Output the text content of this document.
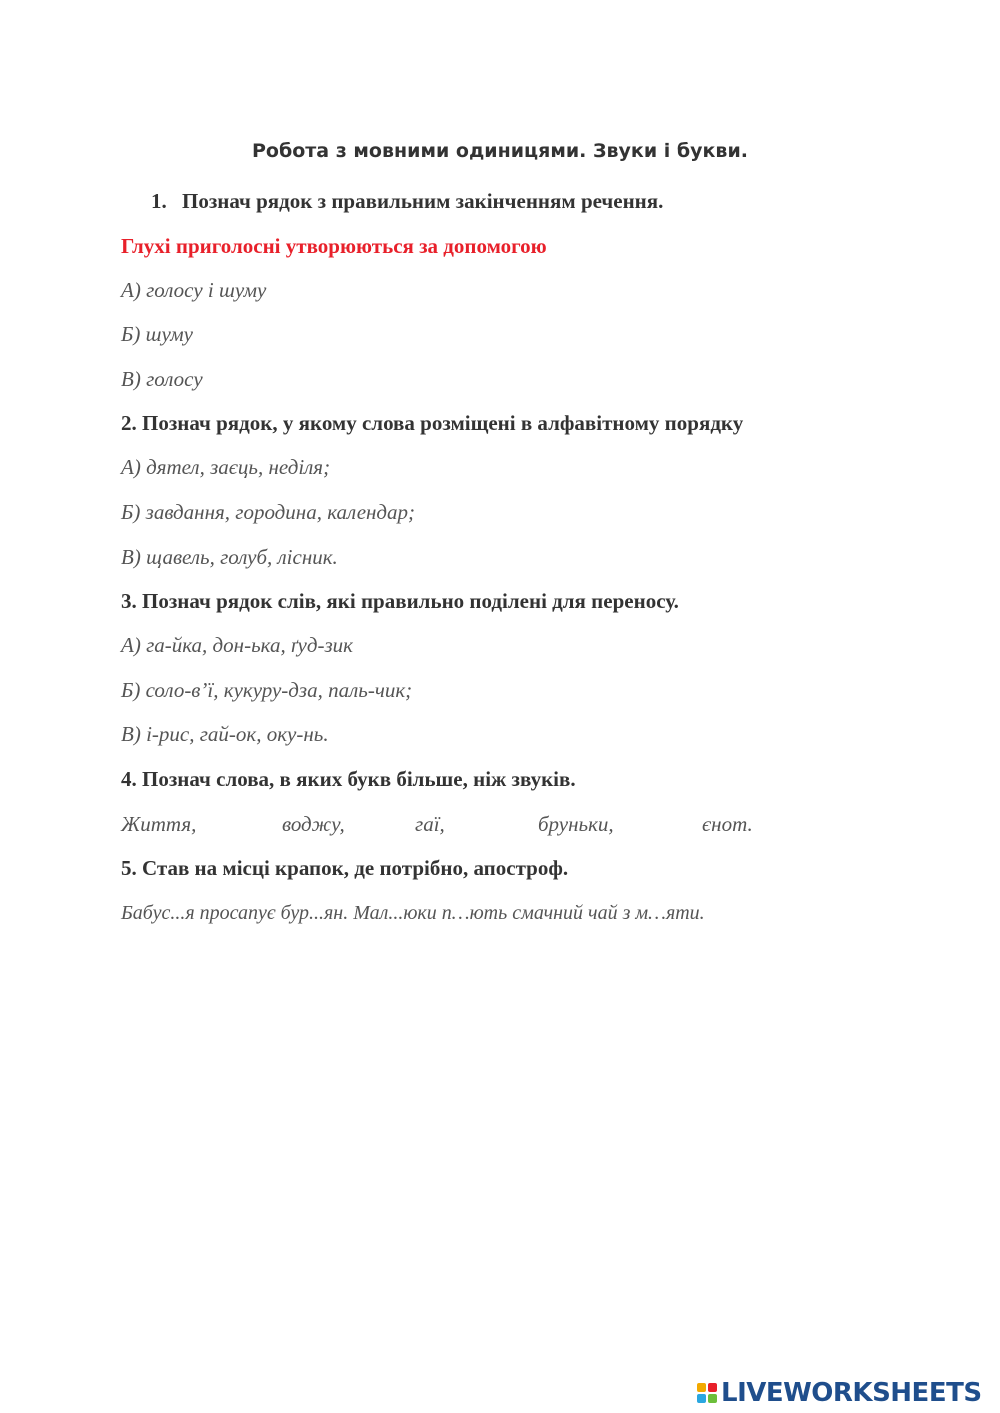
Робота з мовними одиницями. Звуки і букви.
1. Познач рядок з правильним закінченням речення.

Глухі приголосні утворюються за допомогою

А) голосу і шуму

Б) шуму

В) голосу

2. Познач рядок, у якому слова розміщені в алфавітному порядку

А) дятел, заєць, неділя;

Б) завдання, городина, календар;

В) щавель, голуб, лісник.

3. Познач рядок слів, які правильно поділені для переносу.

А) га-йка, дон-ька, ґуд-зик

Б) соло-в’ї, кукуру-дза, паль-чик;

В) і-рис, гай-ок, оку-нь.

4. Познач слова, в яких букв більше, ніж звуків.

Життя,	воджу,	гаї,	бруньки,	єнот.

5. Став на місці крапок, де потрібно, апостроф.

Бабус...я просапує бур...ян. Мал...юки п…ють смачний чай з м…яти.

LIVEWORKSHEETS
